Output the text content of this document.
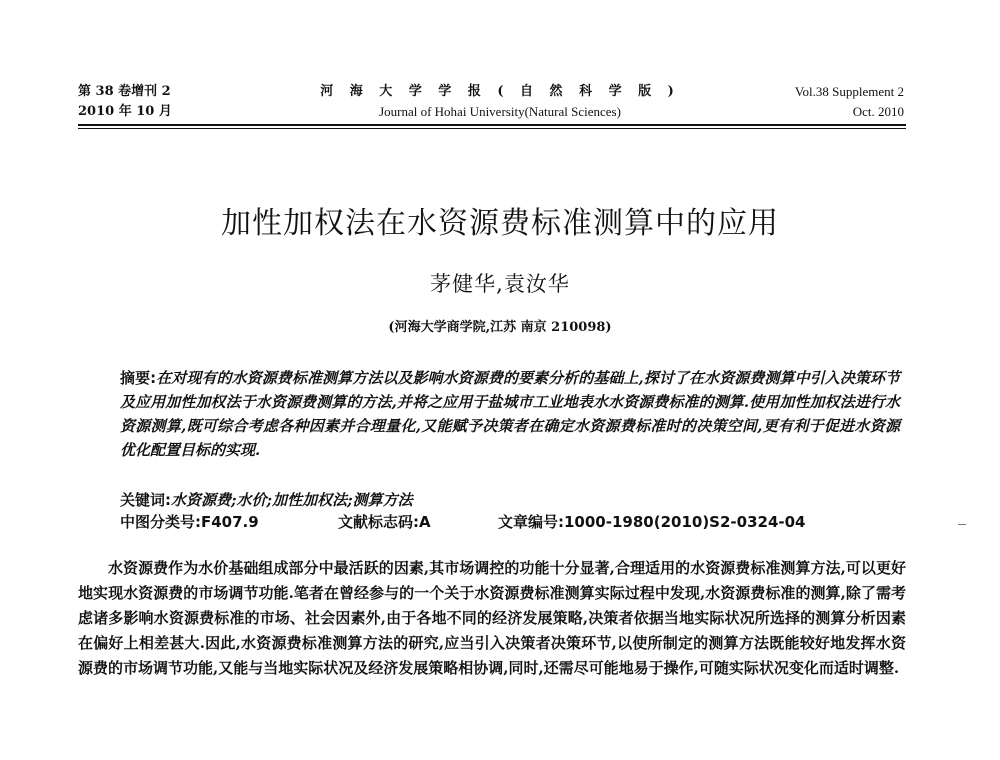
第 38 卷增刊 2
2010 年 10 月
河 海 大 学 学 报 ( 自 然 科 学 版 )
Journal of Hohai University(Natural Sciences)
Vol.38 Supplement 2
Oct. 2010
加性加权法在水资源费标准测算中的应用
茅健华,袁汝华
(河海大学商学院,江苏 南京 210098)
摘要:在对现有的水资源费标准测算方法以及影响水资源费的要素分析的基础上,探讨了在水资源费测算中引入决策环节及应用加性加权法于水资源费测算的方法,并将之应用于盐城市工业地表水水资源费标准的测算.使用加性加权法进行水资源测算,既可综合考虑各种因素并合理量化,又能赋予决策者在确定水资源费标准时的决策空间,更有利于促进水资源优化配置目标的实现.
关键词:水资源费;水价;加性加权法;测算方法
中图分类号:F407.9	文献标志码:A	文章编号:1000-1980(2010)S2-0324-04
水资源费作为水价基础组成部分中最活跃的因素,其市场调控的功能十分显著,合理适用的水资源费标准测算方法,可以更好地实现水资源费的市场调节功能.笔者在曾经参与的一个关于水资源费标准测算实际过程中发现,水资源费标准的测算,除了需考虑诸多影响水资源费标准的市场、社会因素外,由于各地不同的经济发展策略,决策者依据当地实际状况所选择的测算分析因素在偏好上相差甚大.因此,水资源费标准测算方法的研究,应当引入决策者决策环节,以使所制定的测算方法既能较好地发挥水资源费的市场调节功能,又能与当地实际状况及经济发展策略相协调,同时,还需尽可能地易于操作,可随实际状况变化而适时调整.
